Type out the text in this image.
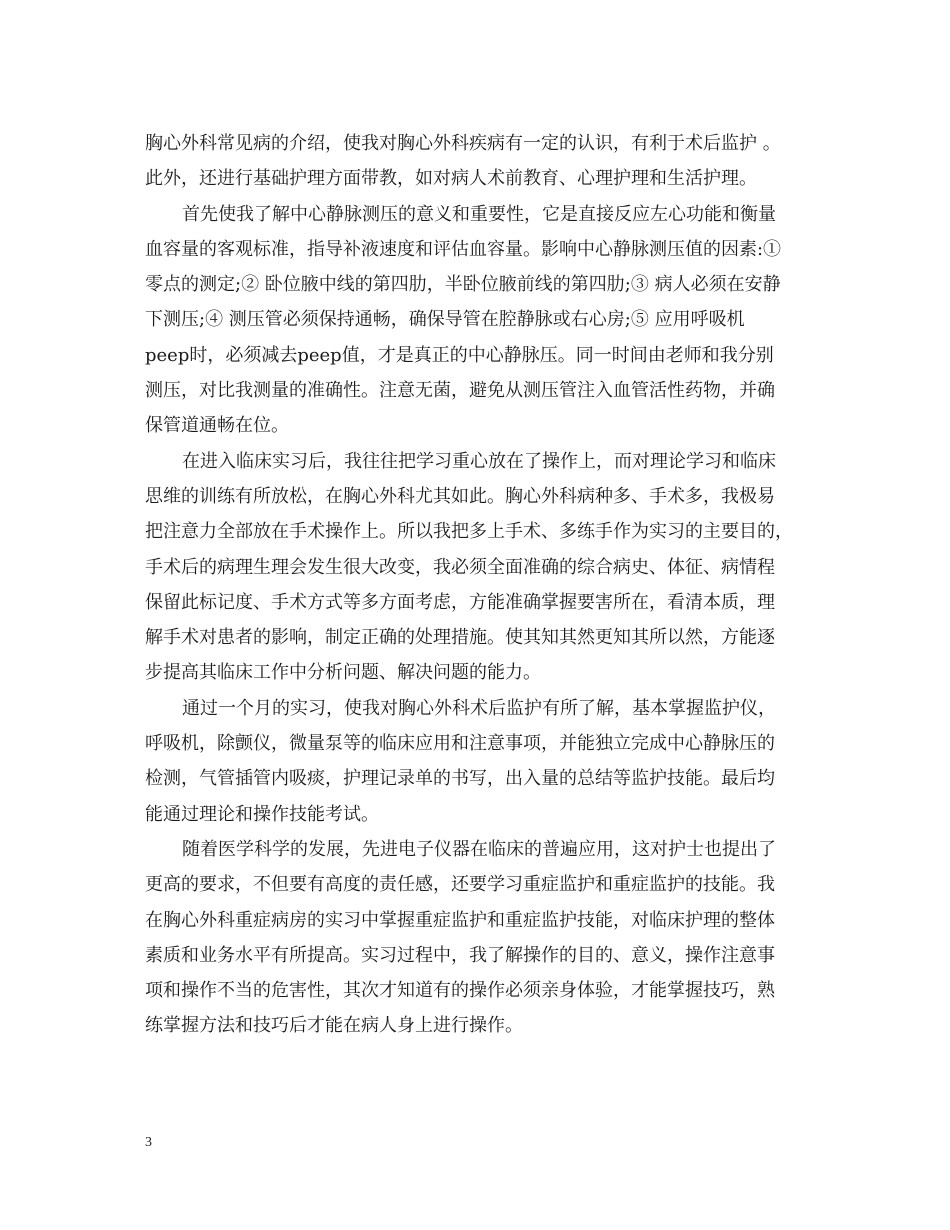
胸心外科常见病的介绍，使我对胸心外科疾病有一定的认识，有利于术后监护 。
此外，还进行基础护理方面带教，如对病人术前教育、心理护理和生活护理。
首先使我了解中心静脉测压的意义和重要性，它是直接反应左心功能和衡量
血容量的客观标准，指导补液速度和评估血容量。影响中心静脉测压值的因素:①
零点的测定;② 卧位腋中线的第四肋，半卧位腋前线的第四肋;③ 病人必须在安静
下测压;④ 测压管必须保持通畅，确保导管在腔静脉或右心房;⑤ 应用呼吸机
peep时，必须减去peep值，才是真正的中心静脉压。同一时间由老师和我分别
测压，对比我测量的准确性。注意无菌，避免从测压管注入血管活性药物，并确
保管道通畅在位。
在进入临床实习后，我往往把学习重心放在了操作上，而对理论学习和临床
思维的训练有所放松，在胸心外科尤其如此。胸心外科病种多、手术多，我极易
把注意力全部放在手术操作上。所以我把多上手术、多练手作为实习的主要目的，
手术后的病理生理会发生很大改变，我必须全面准确的综合病史、体征、病情程
保留此标记度、手术方式等多方面考虑，方能准确掌握要害所在，看清本质，理
解手术对患者的影响，制定正确的处理措施。使其知其然更知其所以然，方能逐
步提高其临床工作中分析问题、解决问题的能力。
通过一个月的实习，使我对胸心外科术后监护有所了解，基本掌握监护仪，
呼吸机，除颤仪，微量泵等的临床应用和注意事项，并能独立完成中心静脉压的
检测，气管插管内吸痰，护理记录单的书写，出入量的总结等监护技能。最后均
能通过理论和操作技能考试。
随着医学科学的发展，先进电子仪器在临床的普遍应用，这对护士也提出了
更高的要求，不但要有高度的责任感，还要学习重症监护和重症监护的技能。我
在胸心外科重症病房的实习中掌握重症监护和重症监护技能，对临床护理的整体
素质和业务水平有所提高。实习过程中，我了解操作的目的、意义，操作注意事
项和操作不当的危害性，其次才知道有的操作必须亲身体验，才能掌握技巧，熟
练掌握方法和技巧后才能在病人身上进行操作。
3
